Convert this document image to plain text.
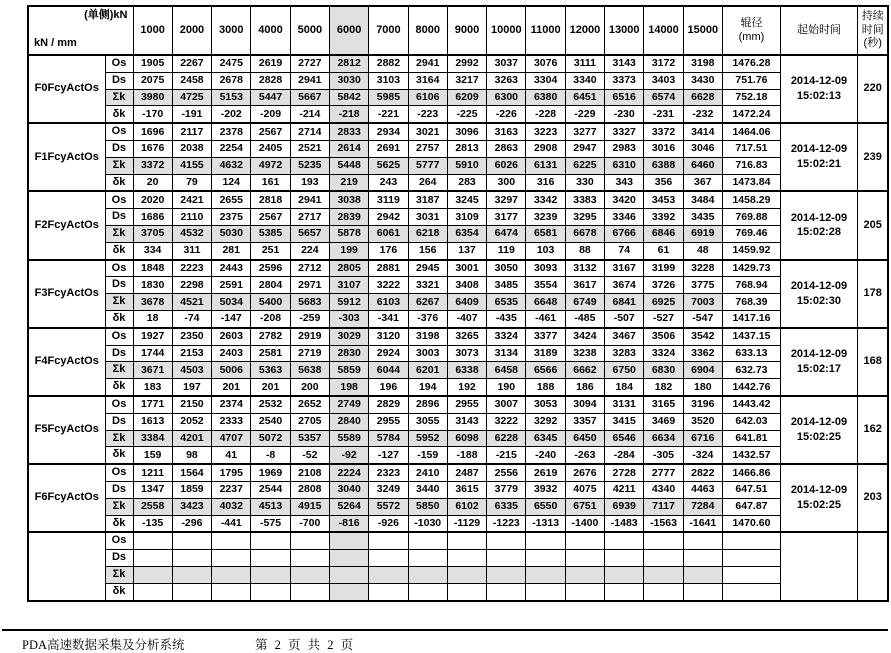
(单侧)kN
kN / mm		1000	2000	3000	4000	5000	6000	7000	8000	9000	10000	11000	12000	13000	14000	15000	辊径
(mm)	起始时间	持续
时间
(秒)
F0FcyActOs	Os	1905	2267	2475	2619	2727	2812	2882	2941	2992	3037	3076	3111	3143	3172	3198	1476.28	2014-12-09
15:02:13	220
	Ds	2075	2458	2678	2828	2941	3030	3103	3164	3217	3263	3304	3340	3373	3403	3430	751.76		
	Σk	3980	4725	5153	5447	5667	5842	5985	6106	6209	6300	6380	6451	6516	6574	6628	752.18		
	δk	-170	-191	-202	-209	-214	-218	-221	-223	-225	-226	-228	-229	-230	-231	-232	1472.24		
F1FcyActOs	Os	1696	2117	2378	2567	2714	2833	2934	3021	3096	3163	3223	3277	3327	3372	3414	1464.06	2014-12-09
15:02:21	239
	Ds	1676	2038	2254	2405	2521	2614	2691	2757	2813	2863	2908	2947	2983	3016	3046	717.51		
	Σk	3372	4155	4632	4972	5235	5448	5625	5777	5910	6026	6131	6225	6310	6388	6460	716.83		
	δk	20	79	124	161	193	219	243	264	283	300	316	330	343	356	367	1473.84		
F2FcyActOs	Os	2020	2421	2655	2818	2941	3038	3119	3187	3245	3297	3342	3383	3420	3453	3484	1458.29	2014-12-09
15:02:28	205
	Ds	1686	2110	2375	2567	2717	2839	2942	3031	3109	3177	3239	3295	3346	3392	3435	769.88		
	Σk	3705	4532	5030	5385	5657	5878	6061	6218	6354	6474	6581	6678	6766	6846	6919	769.46		
	δk	334	311	281	251	224	199	176	156	137	119	103	88	74	61	48	1459.92		
F3FcyActOs	Os	1848	2223	2443	2596	2712	2805	2881	2945	3001	3050	3093	3132	3167	3199	3228	1429.73	2014-12-09
15:02:30	178
	Ds	1830	2298	2591	2804	2971	3107	3222	3321	3408	3485	3554	3617	3674	3726	3775	768.94		
	Σk	3678	4521	5034	5400	5683	5912	6103	6267	6409	6535	6648	6749	6841	6925	7003	768.39		
	δk	18	-74	-147	-208	-259	-303	-341	-376	-407	-435	-461	-485	-507	-527	-547	1417.16		
F4FcyActOs	Os	1927	2350	2603	2782	2919	3029	3120	3198	3265	3324	3377	3424	3467	3506	3542	1437.15	2014-12-09
15:02:17	168
	Ds	1744	2153	2403	2581	2719	2830	2924	3003	3073	3134	3189	3238	3283	3324	3362	633.13		
	Σk	3671	4503	5006	5363	5638	5859	6044	6201	6338	6458	6566	6662	6750	6830	6904	632.73		
	δk	183	197	201	201	200	198	196	194	192	190	188	186	184	182	180	1442.76		
F5FcyActOs	Os	1771	2150	2374	2532	2652	2749	2829	2896	2955	3007	3053	3094	3131	3165	3196	1443.42	2014-12-09
15:02:25	162
	Ds	1613	2052	2333	2540	2705	2840	2955	3055	3143	3222	3292	3357	3415	3469	3520	642.03		
	Σk	3384	4201	4707	5072	5357	5589	5784	5952	6098	6228	6345	6450	6546	6634	6716	641.81		
	δk	159	98	41	-8	-52	-92	-127	-159	-188	-215	-240	-263	-284	-305	-324	1432.57		
F6FcyActOs	Os	1211	1564	1795	1969	2108	2224	2323	2410	2487	2556	2619	2676	2728	2777	2822	1466.86	2014-12-09
15:02:25	203
	Ds	1347	1859	2237	2544	2808	3040	3249	3440	3615	3779	3932	4075	4211	4340	4463	647.51		
	Σk	2558	3423	4032	4513	4915	5264	5572	5850	6102	6335	6550	6751	6939	7117	7284	647.87		
	δk	-135	-296	-441	-575	-700	-816	-926	-1030	-1129	-1223	-1313	-1400	-1483	-1563	-1641	1470.60		
	Os																		
	Ds																		
	Σk																		
	δk																		
PDA高速数据采集及分析系统	第 2 页 共 2 页
